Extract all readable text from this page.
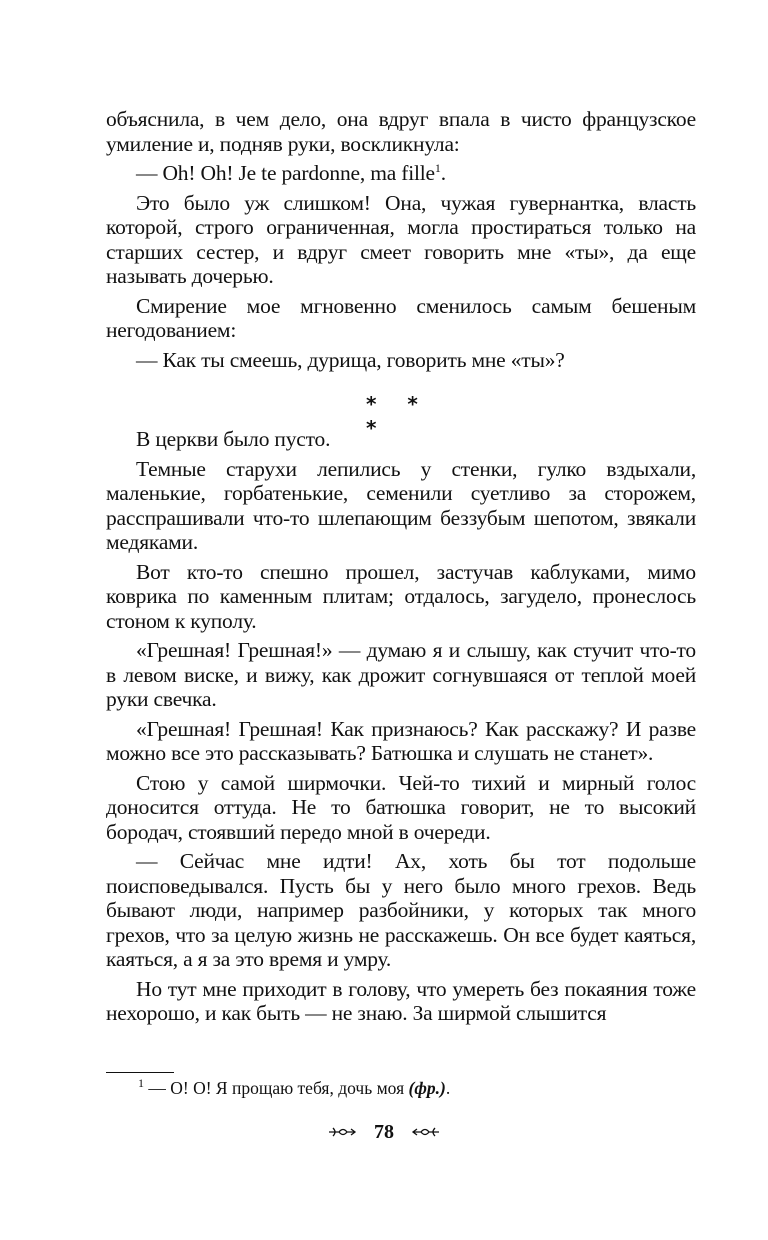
объяснила, в чем дело, она вдруг впала в чисто французское умиление и, подняв руки, воскликнула:

— Oh! Oh! Je te pardonne, ma fille$^1$.

Это было уж слишком! Она, чужая гувернантка, власть которой, строго ограниченная, могла простираться только на старших сестер, и вдруг смеет говорить мне «ты», да еще называть дочерью.

Смирение мое мгновенно сменилось самым бешеным негодованием:

— Как ты смеешь, дурища, говорить мне «ты»?

* * *

В церкви было пусто.

Темные старухи лепились у стенки, гулко вздыхали, маленькие, горбатенькие, семенили суетливо за сторожем, расспрашивали что-то шлепающим беззубым шепотом, звякали медяками.

Вот кто-то спешно прошел, застучав каблуками, мимо коврика по каменным плитам; отдалось, загудело, пронеслось стоном к куполу.

«Грешная! Грешная!» — думаю я и слышу, как стучит что-то в левом виске, и вижу, как дрожит согнувшаяся от теплой моей руки свечка.

«Грешная! Грешная! Как признаюсь? Как расскажу? И разве можно все это рассказывать? Батюшка и слушать не станет».

Стою у самой ширмочки. Чей-то тихий и мирный голос доносится оттуда. Не то батюшка говорит, не то высокий бородач, стоявший передо мной в очереди.

— Сейчас мне идти! Ах, хоть бы тот подольше поисповедывался. Пусть бы у него было много грехов. Ведь бывают люди, например разбойники, у которых так много грехов, что за целую жизнь не расскажешь. Он все будет каяться, каяться, а я за это время и умру.

Но тут мне приходит в голову, что умереть без покаяния тоже нехорошо, и как быть — не знаю. За ширмой слышится

$^1$ — О! О! Я прощаю тебя, дочь моя (фр.).
78
